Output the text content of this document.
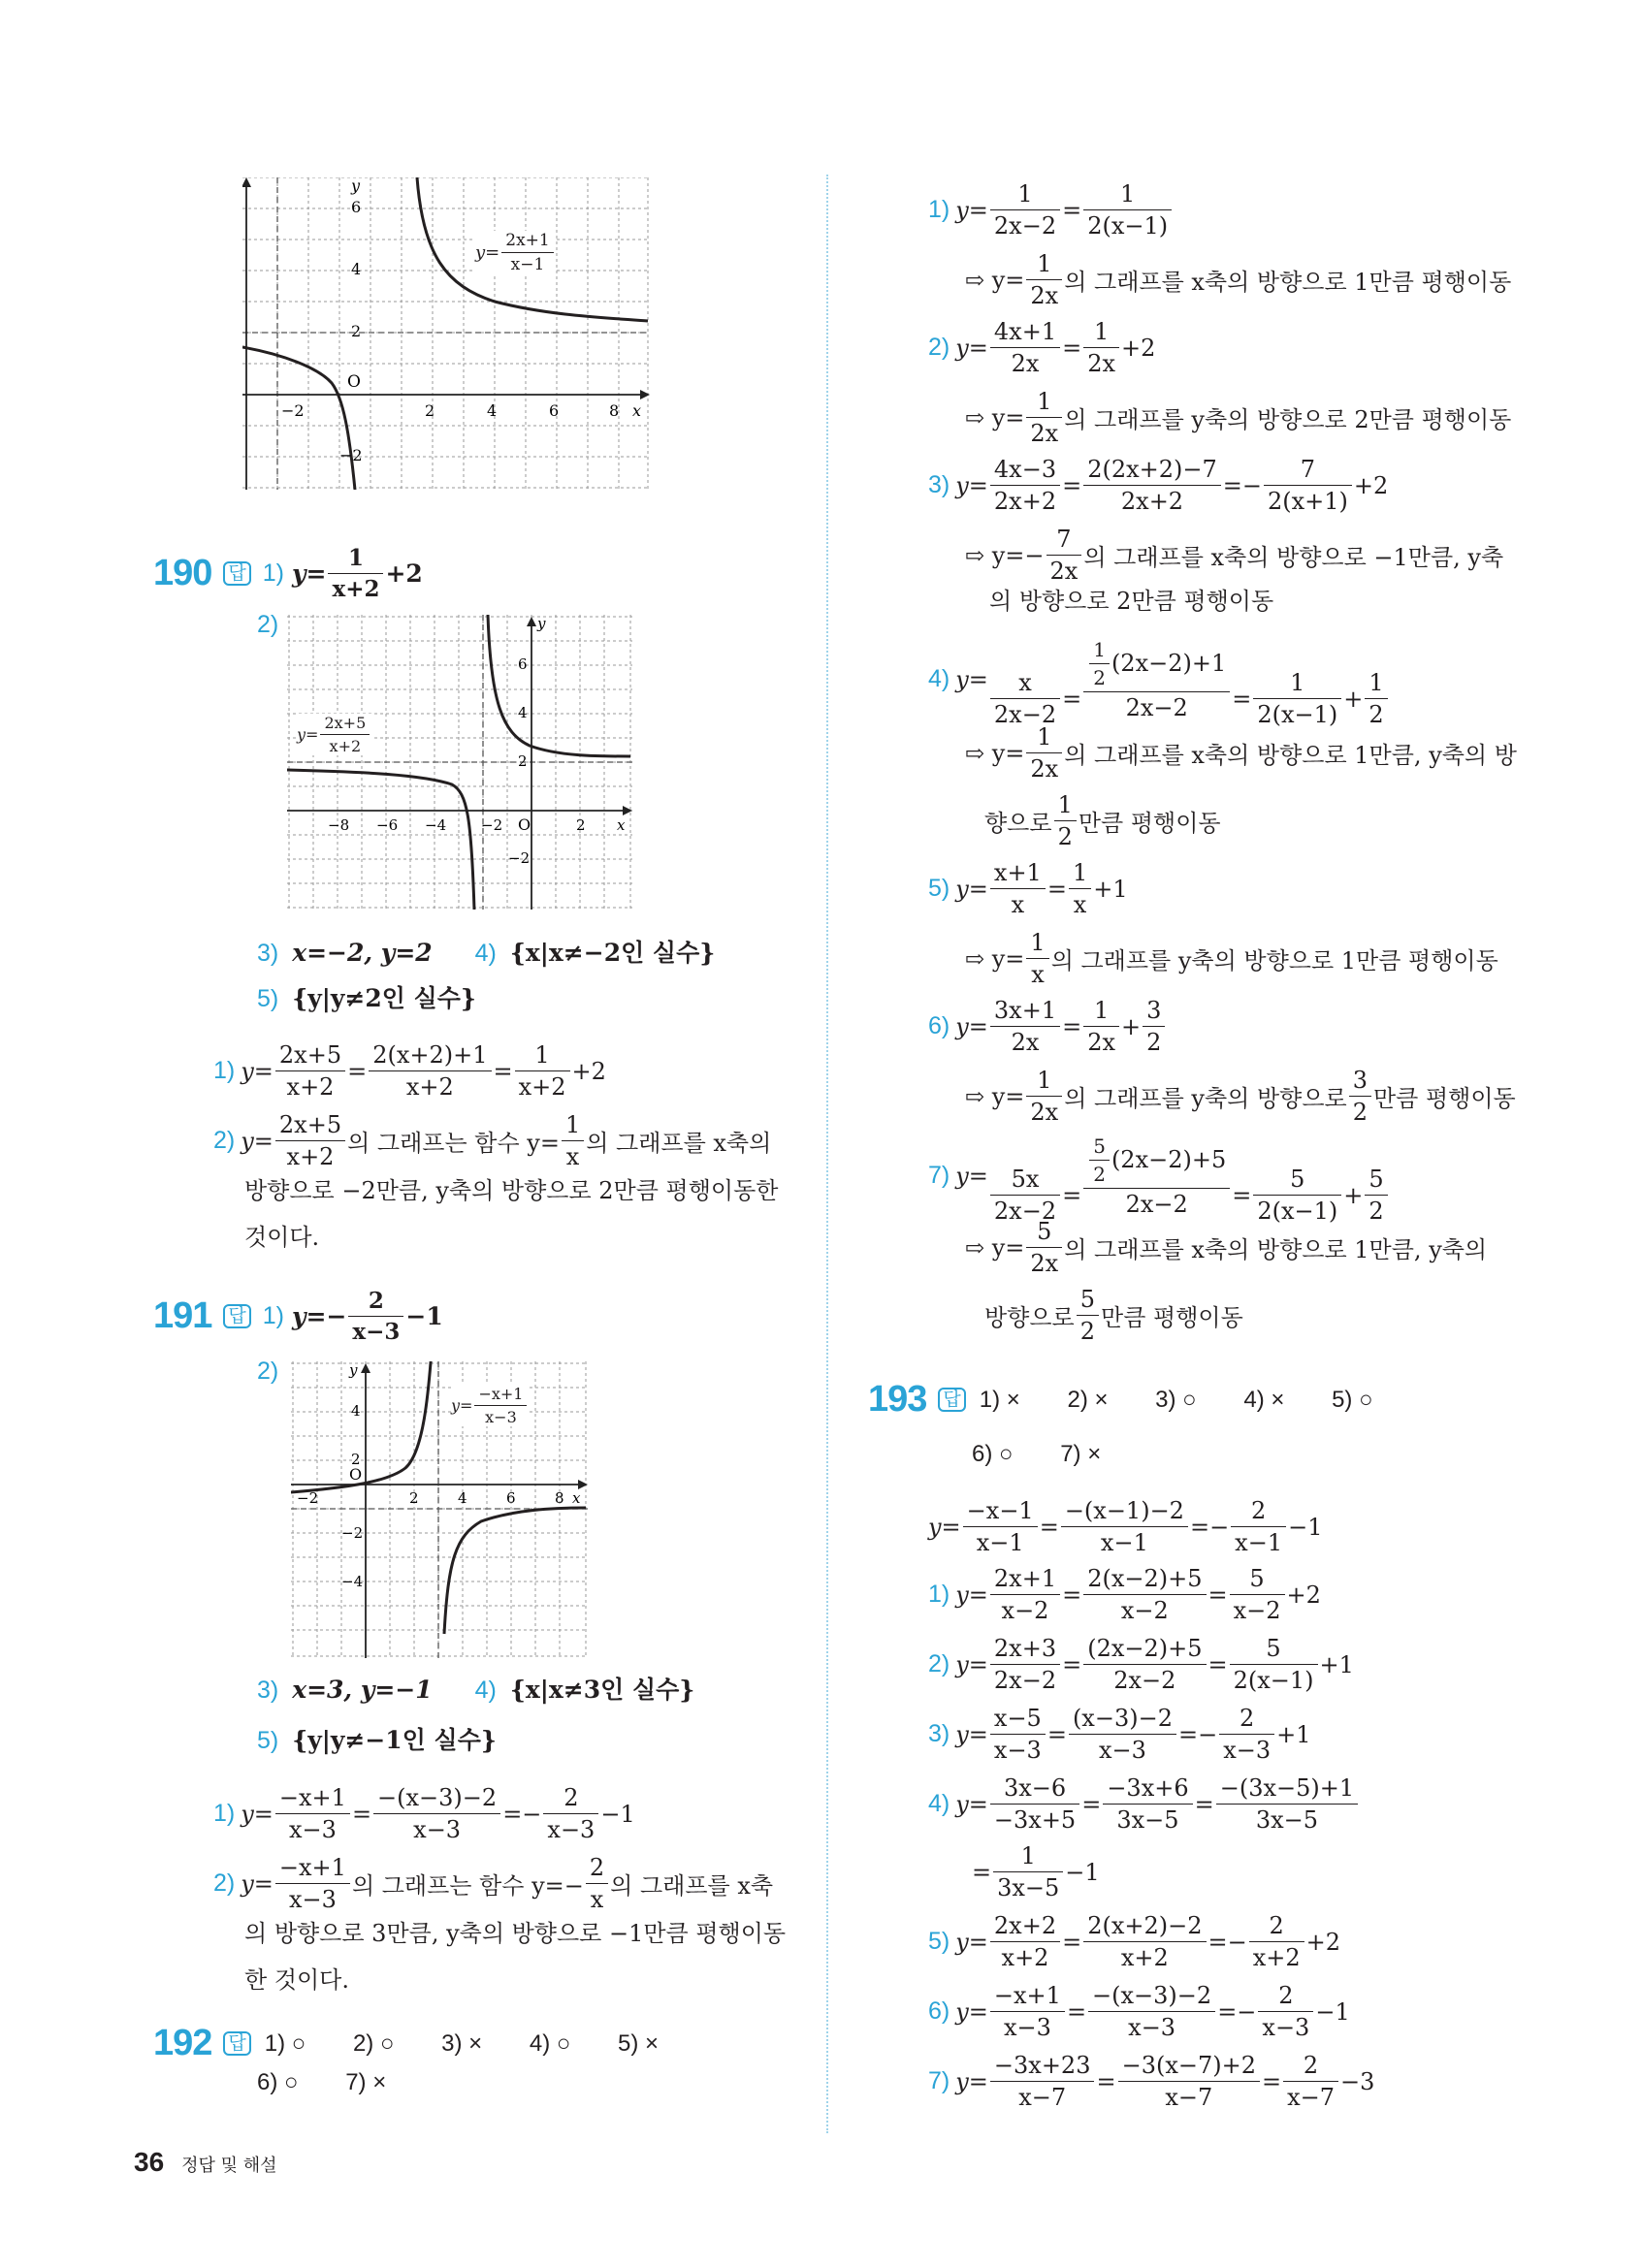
y
x
O
−2	2	4	6	8
6
4
2
−2
$y= \frac{2x+1}{x-1}$
190 답 1) $y= \frac{1}{x+2} +2$
2)	y
x
O
−8 −6 −4 −2	2
6
4
2
−2
$y= \frac{2x+5}{x+2}$
3) x=−2, y=2 4) {x|x≠−2인 실수}
5) {y|y≠2인 실수}
1) $y= \frac{2x+5}{x+2} = \frac{2(x+2)+1}{x+2} = \frac{1}{x+2} +2$
2) $y= \frac{2x+5}{x+2}$ 의 그래프는 함수 $y= \frac{1}{x}$ 의 그래프를 x축의
방향으로 −2만큼, y축의 방향으로 2만큼 평행이동한
것이다.
191 답 1) $y=- \frac{2}{x-3} -1$
2)	y
x
O
−2	2	4	6	8
4
2
−2
−4
$y= \frac{-x+1}{x-3}$
3) x=3, y=−1 4) {x|x≠3인 실수}
5) {y|y≠−1인 실수}
1) $y= \frac{-x+1}{x-3} = \frac{-(x-3)-2}{x-3}$ = − $\frac{2}{x-3} -1$
2) $y= \frac{-x+1}{x-3}$ 의 그래프는 함수 $y=- \frac{2}{x}$ 의 그래프를 x축
의 방향으로 3만큼, y축의 방향으로 −1만큼 평행이동
한 것이다.
192 답 1) ○ 2) ○ 3) × 4) ○ 5) ×
6) ○ 7) ×
36 정답 및 해설
1) $y= \frac{1}{2x-2} = \frac{1}{2(x-1)}$
⇨ $y= \frac{1}{2x}$ 의 그래프를 x축의 방향으로 1만큼 평행이동
2) $y= \frac{4x+1}{2x} = \frac{1}{2x} +2$
⇨ $y= \frac{1}{2x}$ 의 그래프를 y축의 방향으로 2만큼 평행이동
3) $y= \frac{4x-3}{2x+2} = \frac{2(2x+2)-7}{2x+2}$ = − $\frac{7}{2(x+1)} +2$
⇨ $y=- \frac{7}{2x}$ 의 그래프를 x축의 방향으로 −1만큼, y축
의 방향으로 2만큼 평행이동
4) $y= \frac{x}{2x-2} = \frac{\frac{1}{2} (2x-2)+1}{2x-2} = \frac{1}{2(x-1)} + \frac{1}{2}$
⇨ $y= \frac{1}{2x}$ 의 그래프를 x축의 방향으로 1만큼, y축의 방
향으로 $\frac{1}{2}$ 만큼 평행이동
5) $y= \frac{x+1}{x} = \frac{1}{x} +1$
⇨ $y= \frac{1}{x}$ 의 그래프를 y축의 방향으로 1만큼 평행이동
6) $y= \frac{3x+1}{2x} = \frac{1}{2x} + \frac{3}{2}$
⇨ $y= \frac{1}{2x}$ 의 그래프를 y축의 방향으로 $\frac{3}{2}$ 만큼 평행이동
7) $y= \frac{5x}{2x-2} = \frac{\frac{5}{2} (2x-2)+5}{2x-2} = \frac{5}{2(x-1)} + \frac{5}{2}$
⇨ $y= \frac{5}{2x}$ 의 그래프를 x축의 방향으로 1만큼, y축의
방향으로 $\frac{5}{2}$ 만큼 평행이동
193 답 1) × 2) × 3) ○ 4) × 5) ○
6) ○ 7) ×
$y= \frac{-x-1}{x-1} = \frac{-(x-1)-2}{x-1}$ = − $\frac{2}{x-1} -1$
1) $y= \frac{2x+1}{x-2} = \frac{2(x-2)+5}{x-2} = \frac{5}{x-2} +2$
2) $y= \frac{2x+3}{2x-2} = \frac{(2x-2)+5}{2x-2} = \frac{5}{2(x-1)} +1$
3) $y= \frac{x-5}{x-3} = \frac{(x-3)-2}{x-3}$ = − $\frac{2}{x-3} +1$
4) $y= \frac{3x-6}{-3x+5} = \frac{-3x+6}{3x-5} = \frac{-(3x-5)+1}{3x-5}$
= $\frac{1}{3x-5} -1$
5) $y= \frac{2x+2}{x+2} = \frac{2(x+2)-2}{x+2}$ = − $\frac{2}{x+2} +2$
6) $y= \frac{-x+1}{x-3} = \frac{-(x-3)-2}{x-3}$ = − $\frac{2}{x-3} -1$
7) $y= \frac{-3x+23}{x-7} = \frac{-3(x-7)+2}{x-7} = \frac{2}{x-7} -3$
